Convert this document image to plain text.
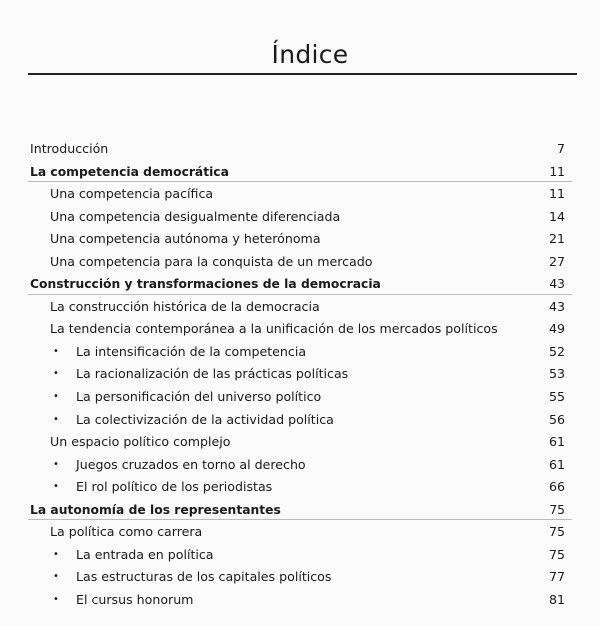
Índice
Introducción	7
La competencia democrática	11
Una competencia pacífica	11
Una competencia desigualmente diferenciada	14
Una competencia autónoma y heterónoma	21
Una competencia para la conquista de un mercado	27
Construcción y transformaciones de la democracia	43
La construcción histórica de la democracia	43
La tendencia contemporánea a la unificación de los mercados políticos	49
• La intensificación de la competencia	52
• La racionalización de las prácticas políticas	53
• La personificación del universo político	55
• La colectivización de la actividad política	56
Un espacio político complejo	61
• Juegos cruzados en torno al derecho	61
• El rol político de los periodistas	66
La autonomía de los representantes	75
La política como carrera	75
• La entrada en política	75
• Las estructuras de los capitales políticos	77
• El cursus honorum	81
